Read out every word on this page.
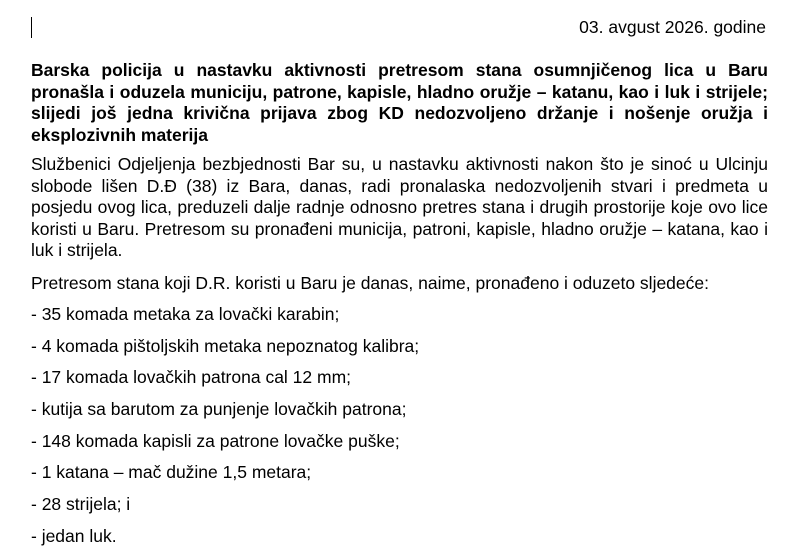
03. avgust 2026. godine

Barska policija u nastavku aktivnosti pretresom stana osumnjičenog lica u Baru pronašla i oduzela municiju, patrone, kapisle, hladno oružje – katanu, kao i luk i strijele; slijedi još jedna krivična prijava zbog KD nedozvoljeno držanje i nošenje oružja i eksplozivnih materija

Službenici Odjeljenja bezbjednosti Bar su, u nastavku aktivnosti nakon što je sinoć u Ulcinju slobode lišen D.Đ (38) iz Bara, danas, radi pronalaska nedozvoljenih stvari i predmeta u posjedu ovog lica, preduzeli dalje radnje odnosno pretres stana i drugih prostorije koje ovo lice koristi u Baru. Pretresom su pronađeni municija, patroni, kapisle, hladno oružje – katana, kao i luk i strijela.

Pretresom stana koji D.R. koristi u Baru je danas, naime, pronađeno i oduzeto sljedeće:

- 35 komada metaka za lovački karabin;
- 4 komada pištoljskih metaka nepoznatog kalibra;
- 17 komada lovačkih patrona cal 12 mm;
- kutija sa barutom za punjenje lovačkih patrona;
- 148 komada kapisli za patrone lovačke puške;
- 1 katana – mač dužine 1,5 metara;
- 28 strijela; i
- jedan luk.
